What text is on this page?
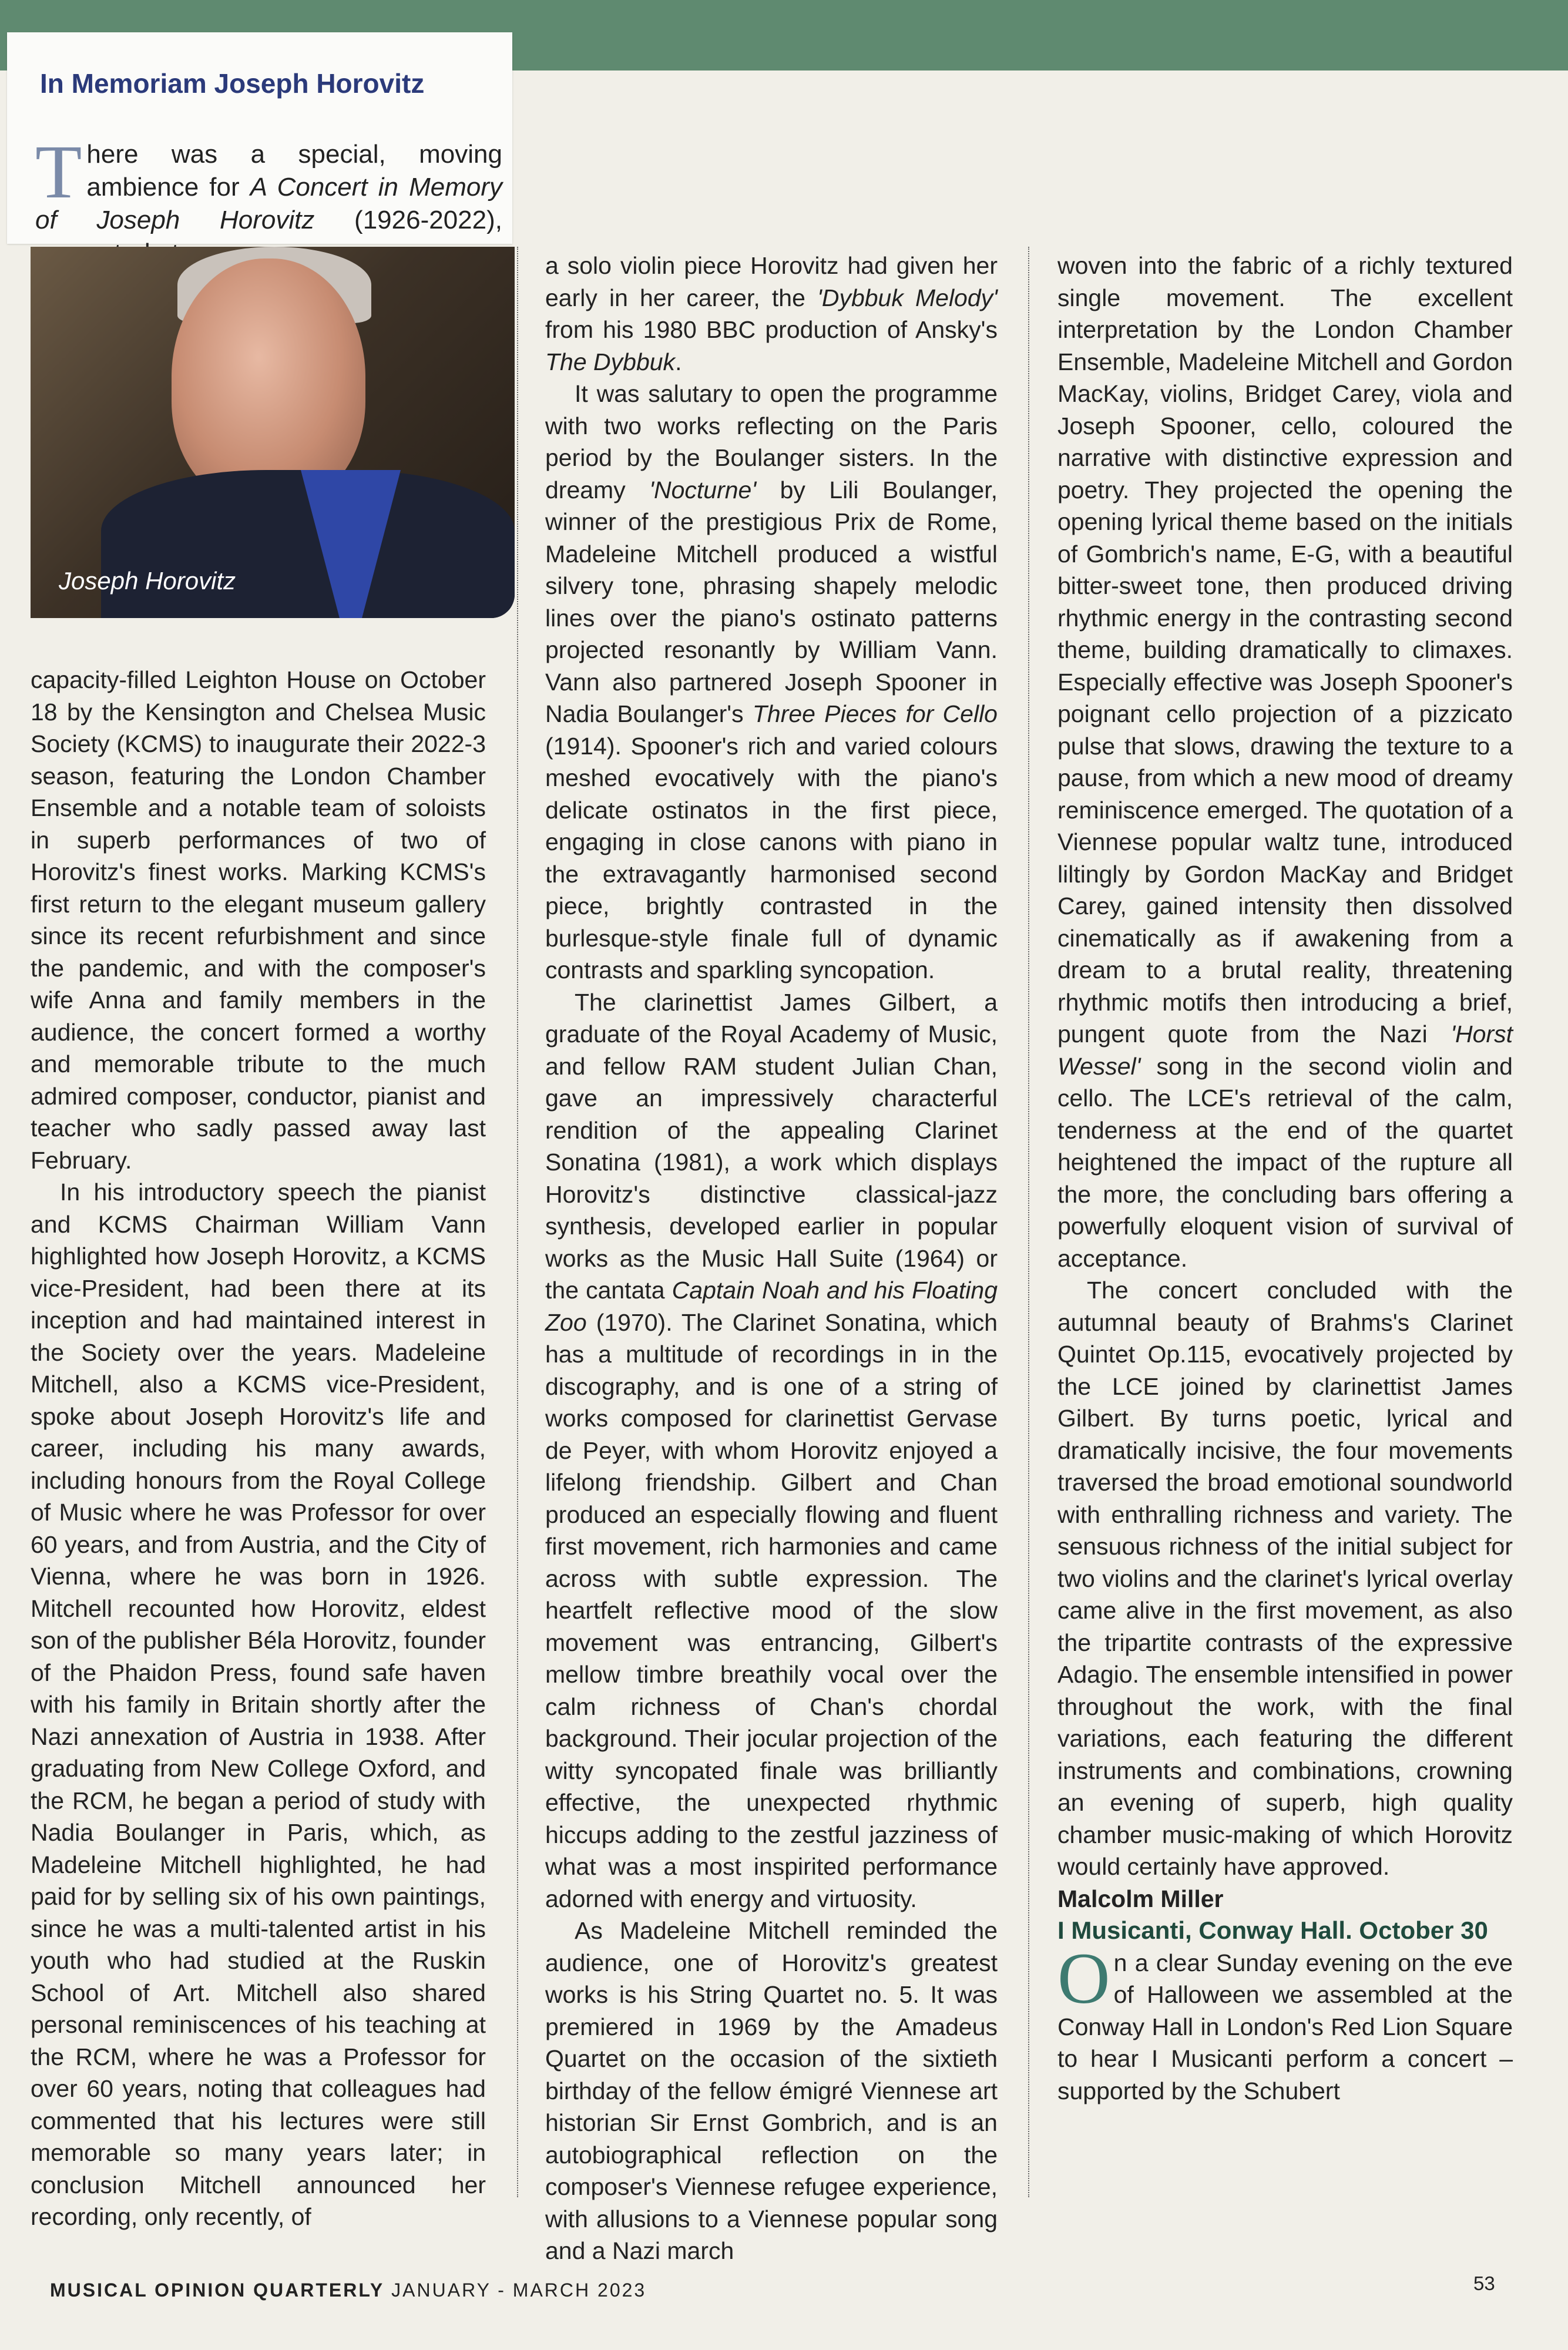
In Memoriam Joseph Horovitz
There was a special, moving ambience for A Concert in Memory of Joseph Horovitz (1926-2022),
Joseph Horovitz

capacity-filled Leighton House on October 18 by the Kensington and Chelsea Music Society (KCMS) to inaugurate their 2022-3 season, featuring the London Chamber Ensemble and a notable team of soloists in superb performances of two of Horovitz's finest works. Marking KCMS's first return to the elegant museum gallery since its recent refurbishment and since the pandemic, and with the composer's wife Anna and family members in the audience, the concert formed a worthy and memorable tribute to the much admired composer, conductor, pianist and teacher who sadly passed away last February.

In his introductory speech the pianist and KCMS Chairman William Vann highlighted how Joseph Horovitz, a KCMS vice-President, had been there at its inception and had maintained interest in the Society over the years. Madeleine Mitchell, also a KCMS vice-President, spoke about Joseph Horovitz's life and career, including his many awards, including honours from the Royal College of Music where he was Professor for over 60 years, and from Austria, and the City of Vienna, where he was born in 1926. Mitchell recounted how Horovitz, eldest son of the publisher Béla Horovitz, founder of the Phaidon Press, found safe haven with his family in Britain shortly after the Nazi annexation of Austria in 1938. After graduating from New College Oxford, and the RCM, he began a period of study with Nadia Boulanger in Paris, which, as Madeleine Mitchell highlighted, he had paid for by selling six of his own paintings, since he was a multi-talented artist in his youth who had studied at the Ruskin School of Art. Mitchell also shared personal reminiscences of his teaching at the RCM, where he was a Professor for over 60 years, noting that colleagues had commented that his lectures were still memorable so many years later; in conclusion Mitchell announced her recording, only recently, of

a solo violin piece Horovitz had given her early in her career, the 'Dybbuk Melody' from his 1980 BBC production of Ansky's The Dybbuk.

It was salutary to open the programme with two works reflecting on the Paris period by the Boulanger sisters. In the dreamy 'Nocturne' by Lili Boulanger, winner of the prestigious Prix de Rome, Madeleine Mitchell produced a wistful silvery tone, phrasing shapely melodic lines over the piano's ostinato patterns projected resonantly by William Vann. Vann also partnered Joseph Spooner in Nadia Boulanger's Three Pieces for Cello (1914). Spooner's rich and varied colours meshed evocatively with the piano's delicate ostinatos in the first piece, engaging in close canons with piano in the extravagantly harmonised second piece, brightly contrasted in the burlesque-style finale full of dynamic contrasts and sparkling syncopation.

The clarinettist James Gilbert, a graduate of the Royal Academy of Music, and fellow RAM student Julian Chan, gave an impressively characterful rendition of the appealing Clarinet Sonatina (1981), a work which displays Horovitz's distinctive classical-jazz synthesis, developed earlier in popular works as the Music Hall Suite (1964) or the cantata Captain Noah and his Floating Zoo (1970). The Clarinet Sonatina, which has a multitude of recordings in in the discography, and is one of a string of works composed for clarinettist Gervase de Peyer, with whom Horovitz enjoyed a lifelong friendship. Gilbert and Chan produced an especially flowing and fluent first movement, rich harmonies and came across with subtle expression. The heartfelt reflective mood of the slow movement was entrancing, Gilbert's mellow timbre breathily vocal over the calm richness of Chan's chordal background. Their jocular projection of the witty syncopated finale was brilliantly effective, the unexpected rhythmic hiccups adding to the zestful jazziness of what was a most inspirited performance adorned with energy and virtuosity.

As Madeleine Mitchell reminded the audience, one of Horovitz's greatest works is his String Quartet no. 5. It was premiered in 1969 by the Amadeus Quartet on the occasion of the sixtieth birthday of the fellow émigré Viennese art historian Sir Ernst Gombrich, and is an autobiographical reflection on the composer's Viennese refugee experience, with allusions to a Viennese popular song and a Nazi march

woven into the fabric of a richly textured single movement. The excellent interpretation by the London Chamber Ensemble, Madeleine Mitchell and Gordon MacKay, violins, Bridget Carey, viola and Joseph Spooner, cello, coloured the narrative with distinctive expression and poetry. They projected the opening the opening lyrical theme based on the initials of Gombrich's name, E-G, with a beautiful bitter-sweet tone, then produced driving rhythmic energy in the contrasting second theme, building dramatically to climaxes. Especially effective was Joseph Spooner's poignant cello projection of a pizzicato pulse that slows, drawing the texture to a pause, from which a new mood of dreamy reminiscence emerged. The quotation of a Viennese popular waltz tune, introduced liltingly by Gordon MacKay and Bridget Carey, gained intensity then dissolved cinematically as if awakening from a dream to a brutal reality, threatening rhythmic motifs then introducing a brief, pungent quote from the Nazi 'Horst Wessel' song in the second violin and cello. The LCE's retrieval of the calm, tenderness at the end of the quartet heightened the impact of the rupture all the more, the concluding bars offering a powerfully eloquent vision of survival of acceptance.

The concert concluded with the autumnal beauty of Brahms's Clarinet Quintet Op.115, evocatively projected by the LCE joined by clarinettist James Gilbert. By turns poetic, lyrical and dramatically incisive, the four movements traversed the broad emotional soundworld with enthralling richness and variety. The sensuous richness of the initial subject for two violins and the clarinet's lyrical overlay came alive in the first movement, as also the tripartite contrasts of the expressive Adagio. The ensemble intensified in power throughout the work, with the final variations, each featuring the different instruments and combinations, crowning an evening of superb, high quality chamber music-making of which Horovitz would certainly have approved.

Malcolm Miller

I Musicanti, Conway Hall. October 30

On a clear Sunday evening on the eve of Halloween we assembled at the Conway Hall in London's Red Lion Square to hear I Musicanti perform a concert – supported by the Schubert

MUSICAL OPINION QUARTERLY JANUARY - MARCH 2023	53
